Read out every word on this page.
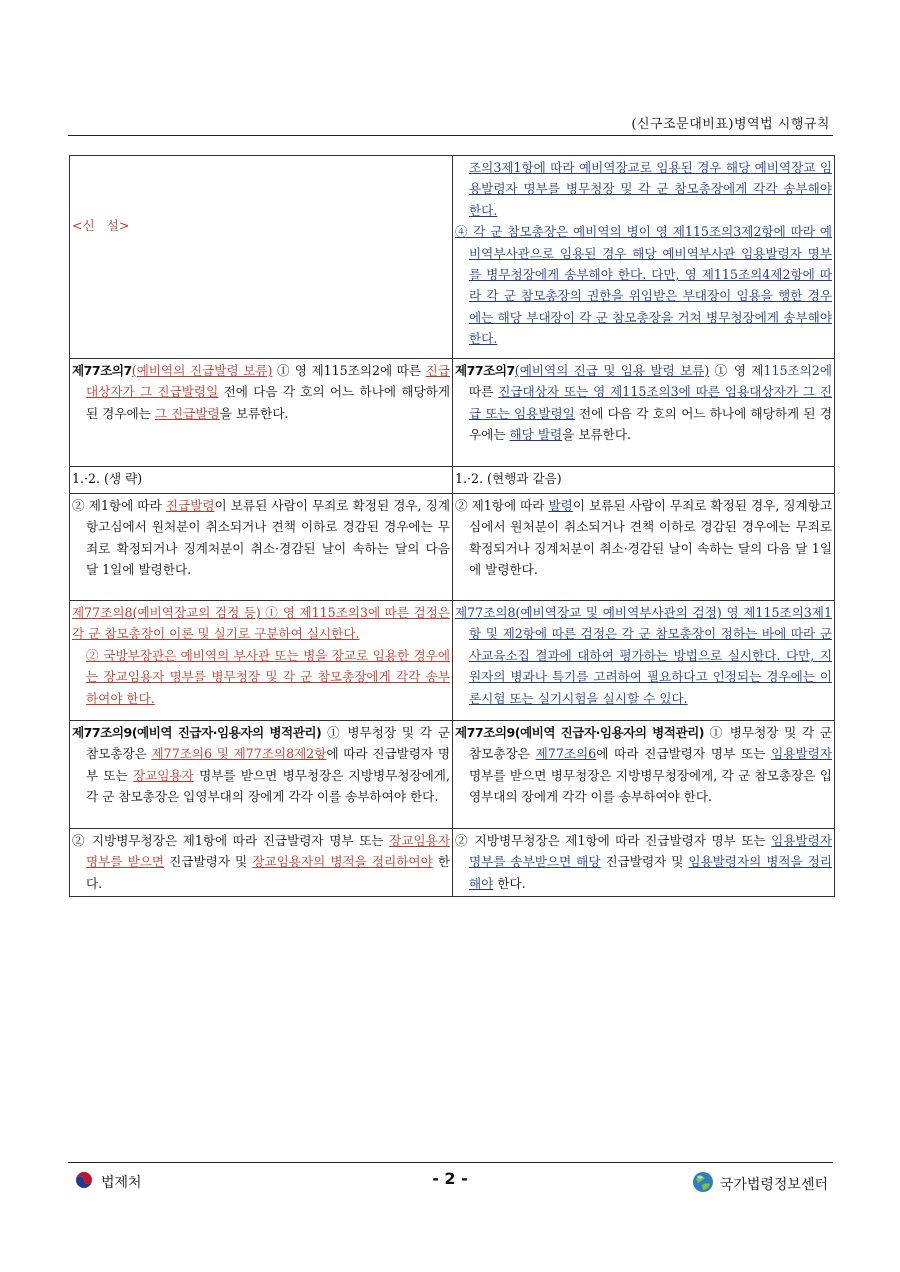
(신구조문대비표)병역법 시행규칙
<신   설>	조의3제1항에 따라 예비역장교로 임용된 경우 해당 예비역장교 임용발령자 명부를 병무청장 및 각 군 참모총장에게 각각 송부해야 한다.
④ 각 군 참모총장은 예비역의 병이 영 제115조의3제2항에 따라 예비역부사관으로 임용된 경우 해당 예비역부사관 임용발령자 명부를 병무청장에게 송부해야 한다. 다만, 영 제115조의4제2항에 따라 각 군 참모총장의 권한을 위임받은 부대장이 임용을 행한 경우에는 해당 부대장이 각 군 참모총장을 거쳐 병무청장에게 송부해야 한다.

제77조의7(예비역의 진급발령 보류) ① 영 제115조의2에 따른 진급대상자가 그 진급발령일 전에 다음 각 호의 어느 하나에 해당하게 된 경우에는 그 진급발령을 보류한다.	제77조의7(예비역의 진급 및 임용 발령 보류) ① 영 제115조의2에 따른 진급대상자 또는 영 제115조의3에 따른 임용대상자가 그 진급 또는 임용발령일 전에 다음 각 호의 어느 하나에 해당하게 된 경우에는 해당 발령을 보류한다.

1.·2. (생 략)	1.·2. (현행과 같음)

② 제1항에 따라 진급발령이 보류된 사람이 무죄로 확정된 경우, 징계항고심에서 원처분이 취소되거나 견책 이하로 경감된 경우에는 무죄로 확정되거나 징계처분이 취소·경감된 날이 속하는 달의 다음 달 1일에 발령한다.	② 제1항에 따라 발령이 보류된 사람이 무죄로 확정된 경우, 징계항고심에서 원처분이 취소되거나 견책 이하로 경감된 경우에는 무죄로 확정되거나 징계처분이 취소·경감된 날이 속하는 달의 다음 달 1일에 발령한다.

제77조의8(예비역장교의 검정 등) ① 영 제115조의3에 따른 검정은 각 군 참모총장이 이론 및 실기로 구분하여 실시한다.
② 국방부장관은 예비역의 부사관 또는 병을 장교로 임용한 경우에는 장교임용자 명부를 병무청장 및 각 군 참모총장에게 각각 송부하여야 한다.	제77조의8(예비역장교 및 예비역부사관의 검정) 영 제115조의3제1항 및 제2항에 따른 검정은 각 군 참모총장이 정하는 바에 따라 군사교육소집 결과에 대하여 평가하는 방법으로 실시한다. 다만, 지원자의 병과나 특기를 고려하여 필요하다고 인정되는 경우에는 이론시험 또는 실기시험을 실시할 수 있다.

제77조의9(예비역 진급자·임용자의 병적관리) ① 병무청장 및 각 군 참모총장은 제77조의6 및 제77조의8제2항에 따라 진급발령자 명부 또는 장교임용자 명부를 받으면 병무청장은 지방병무청장에게, 각 군 참모총장은 입영부대의 장에게 각각 이를 송부하여야 한다.	제77조의9(예비역 진급자·임용자의 병적관리) ① 병무청장 및 각 군 참모총장은 제77조의6에 따라 진급발령자 명부 또는 임용발령자 명부를 받으면 병무청장은 지방병무청장에게, 각 군 참모총장은 입영부대의 장에게 각각 이를 송부하여야 한다.

② 지방병무청장은 제1항에 따라 진급발령자 명부 또는 장교임용자 명부를 받으면 진급발령자 및 장교임용자의 병적을 정리하여야 한다.	② 지방병무청장은 제1항에 따라 진급발령자 명부 또는 임용발령자 명부를 송부받으면 해당 진급발령자 및 임용발령자의 병적을 정리해야 한다.
법제처	- 2 -	국가법령정보센터
